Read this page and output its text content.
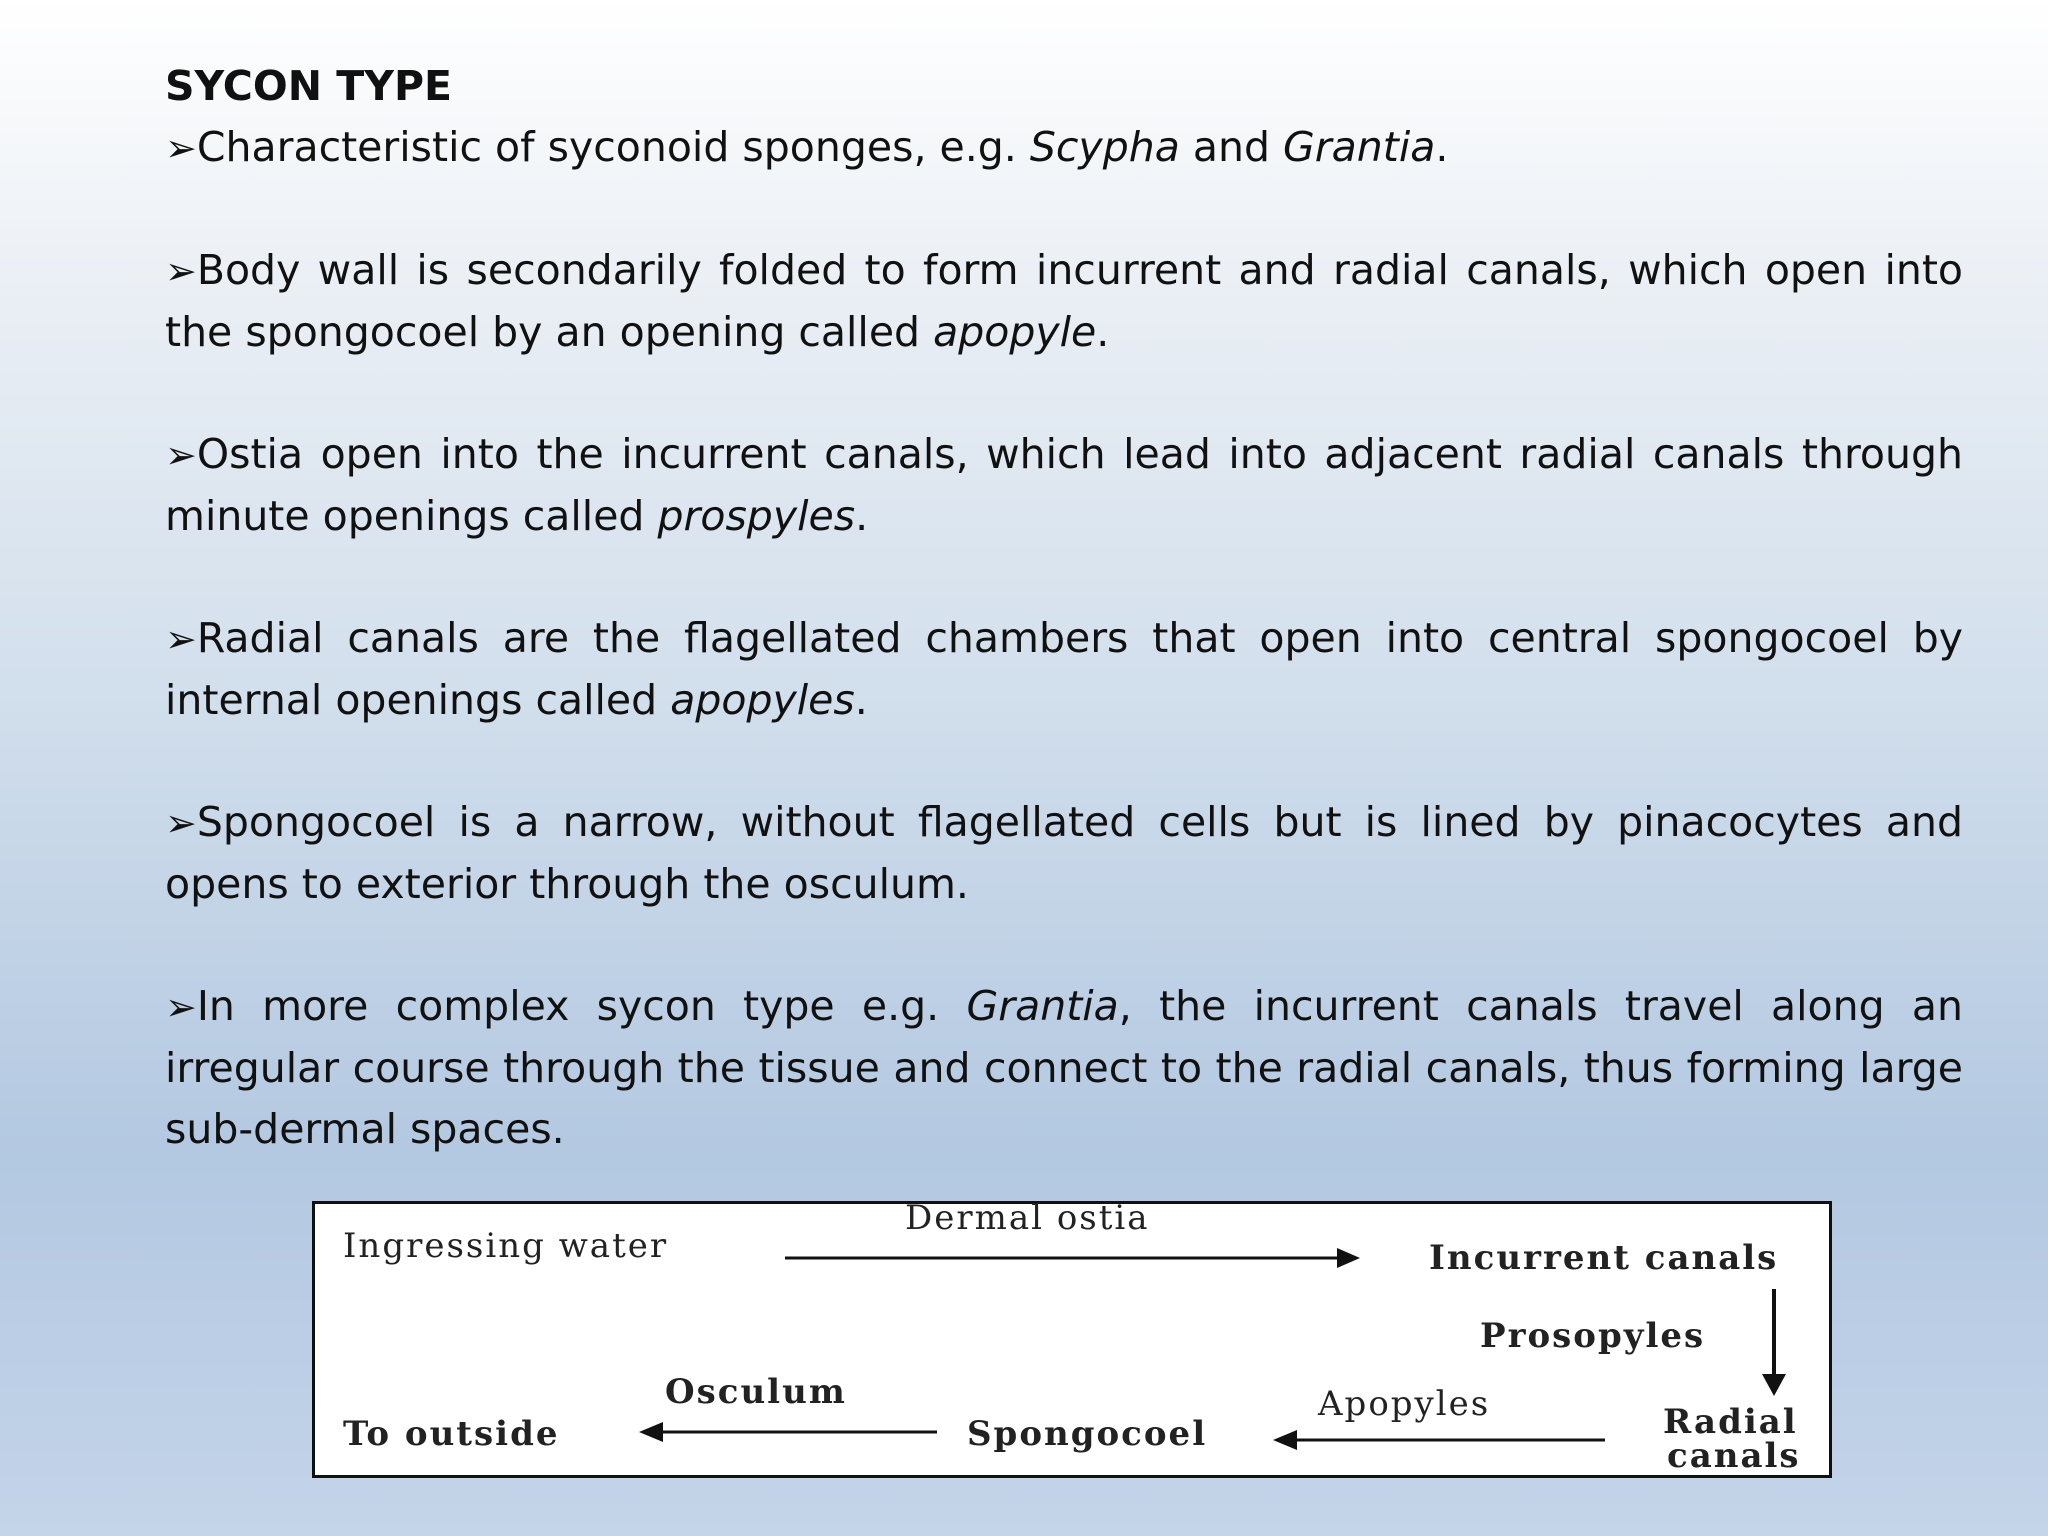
SYCON TYPE

➢Characteristic of syconoid sponges, e.g. Scypha and Grantia.

➢Body wall is secondarily folded to form incurrent and radial canals, which open into the spongocoel by an opening called apopyle.

➢Ostia open into the incurrent canals, which lead into adjacent radial canals through minute openings called prospyles.

➢Radial canals are the flagellated chambers that open into central spongocoel by internal openings called apopyles.

➢Spongocoel is a narrow, without flagellated cells but is lined by pinacocytes and opens to exterior through the osculum.

➢In more complex sycon type e.g. Grantia, the incurrent canals travel along an irregular course through the tissue and connect to the radial canals, thus forming large sub-dermal spaces.

Ingressing water
Dermal ostia
Incurrent canals
Prosopyles
Radial
canals
Apopyles
Spongocoel
Osculum
To outside
